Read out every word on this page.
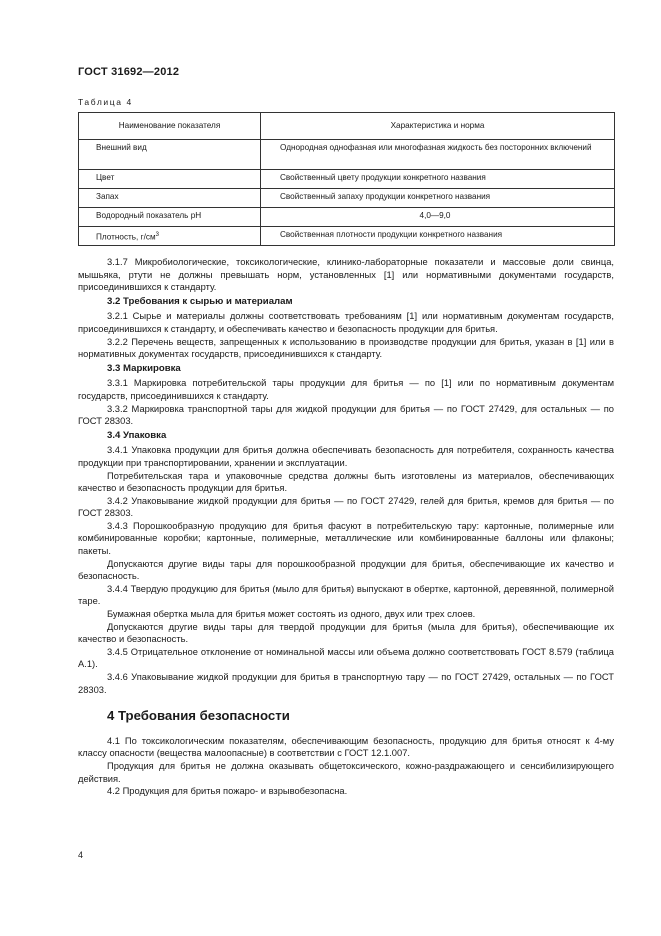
ГОСТ 31692—2012
Таблица 4
Наименование показателя	Характеристика и норма
Внешний вид	Однородная однофазная или многофазная жидкость без посторонних включений
Цвет	Свойственный цвету продукции конкретного названия
Запах	Свойственный запаху продукции конкретного названия
Водородный показатель рН	4,0—9,0
Плотность, $г/см^3$	Свойственная плотности продукции конкретного названия

3.1.7 Микробиологические, токсикологические, клинико-лабораторные показатели и массовые доли свинца, мышьяка, ртути не должны превышать норм, установленных [1] или нормативными документами государств, присоединившихся к стандарту.

3.2 Требования к сырью и материалам

3.2.1 Сырье и материалы должны соответствовать требованиям [1] или нормативным документам государств, присоединившихся к стандарту, и обеспечивать качество и безопасность продукции для бритья.

3.2.2 Перечень веществ, запрещенных к использованию в производстве продукции для бритья, указан в [1] или в нормативных документах государств, присоединившихся к стандарту.

3.3 Маркировка

3.3.1 Маркировка потребительской тары продукции для бритья — по [1] или по нормативным документам государств, присоединившихся к стандарту.

3.3.2 Маркировка транспортной тары для жидкой продукции для бритья — по ГОСТ 27429, для остальных — по ГОСТ 28303.

3.4 Упаковка

3.4.1 Упаковка продукции для бритья должна обеспечивать безопасность для потребителя, сохранность качества продукции при транспортировании, хранении и эксплуатации.

Потребительская тара и упаковочные средства должны быть изготовлены из материалов, обеспечивающих качество и безопасность продукции для бритья.

3.4.2 Упаковывание жидкой продукции для бритья — по ГОСТ 27429, гелей для бритья, кремов для бритья — по ГОСТ 28303.

3.4.3 Порошкообразную продукцию для бритья фасуют в потребительскую тару: картонные, полимерные или комбинированные коробки; картонные, полимерные, металлические или комбинированные баллоны или флаконы; пакеты.

Допускаются другие виды тары для порошкообразной продукции для бритья, обеспечивающие их качество и безопасность.

3.4.4 Твердую продукцию для бритья (мыло для бритья) выпускают в обертке, картонной, деревянной, полимерной таре.

Бумажная обертка мыла для бритья может состоять из одного, двух или трех слоев.

Допускаются другие виды тары для твердой продукции для бритья (мыла для бритья), обеспечивающие их качество и безопасность.

3.4.5 Отрицательное отклонение от номинальной массы или объема должно соответствовать ГОСТ 8.579 (таблица А.1).

3.4.6 Упаковывание жидкой продукции для бритья в транспортную тару — по ГОСТ 27429, остальных — по ГОСТ 28303.

4 Требования безопасности

4.1 По токсикологическим показателям, обеспечивающим безопасность, продукцию для бритья относят к 4-му классу опасности (вещества малоопасные) в соответствии с ГОСТ 12.1.007.

Продукция для бритья не должна оказывать общетоксического, кожно-раздражающего и сенсибилизирующего действия.

4.2 Продукция для бритья пожаро- и взрывобезопасна.

4
